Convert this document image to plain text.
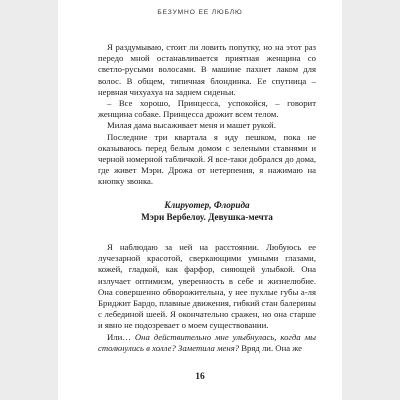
БЕЗУМНО ЕЕ ЛЮБЛЮ

Я раздумываю, стоит ли ловить попутку, но на этот раз передо мной останавливается приятная женщина со светло-русыми волосами. В машине пахнет лаком для волос. В общем, типичная блондинка. Ее спутница – нервная чихуахуа на заднем сиденьи.

– Все хорошо, Принцесса, успокойся, – говорит женщина собаке. Принцесса дрожит всем телом.

Милая дама высаживает меня и машет рукой.

Последние три квартала я иду пешком, пока не оказываюсь перед белым домом с зелеными ставнями и черной номерной табличкой. Я все-таки добрался до дома, где живет Мэри. Дрожа от нетерпения, я нажимаю на кнопку звонка.

Клируотер, Флорида
Мэри Вербелоу. Девушка-мечта

Я наблюдаю за ней на расстоянии. Любуюсь ее лучезарной красотой, сверкающими умными глазами, кожей, гладкой, как фарфор, сияющей улыбкой. Она излучает оптимизм, уверенность в себе и жизнелюбие. Она совершенно обворожительна, у нее пухлые губы а-ля Бриджит Бардо, плавные движения, гибкий стан балерины с лебединой шеей. Я окончательно сражен, но она старше и явно не подозревает о моем существовании.

Или… Она действительно мне улыбнулась, когда мы столкнулись в холле? Заметила меня? Вряд ли. Она же

16
